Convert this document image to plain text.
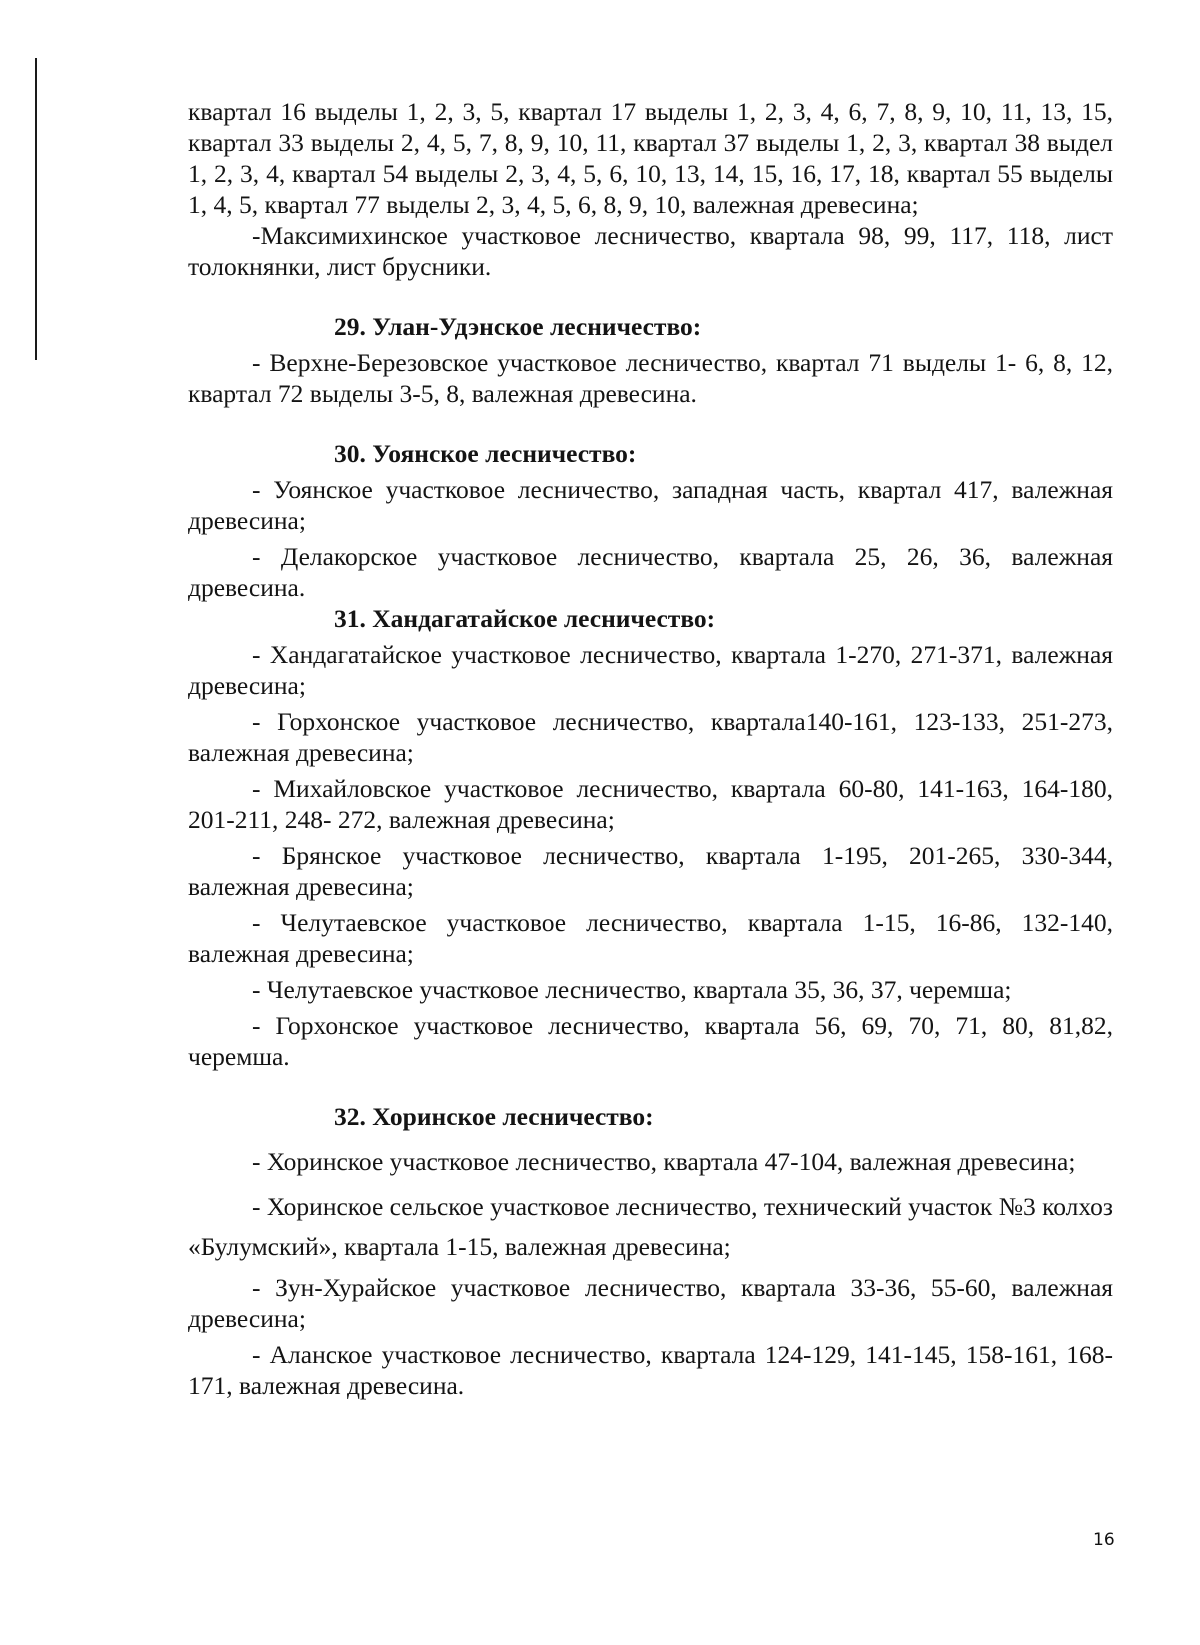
квартал 16 выделы 1, 2, 3, 5, квартал 17 выделы 1, 2, 3, 4, 6, 7, 8, 9, 10, 11, 13, 15, квартал 33 выделы 2, 4, 5, 7, 8, 9, 10, 11, квартал 37 выделы 1, 2, 3, квартал 38 выдел 1, 2, 3, 4, квартал 54 выделы 2, 3, 4, 5, 6, 10, 13, 14, 15, 16, 17, 18, квартал 55 выделы 1, 4, 5, квартал 77 выделы 2, 3, 4, 5, 6, 8, 9, 10, валежная древесина;

-Максимихинское участковое лесничество, квартала 98, 99, 117, 118, лист толокнянки, лист брусники.

29. Улан-Удэнское лесничество:

- Верхне-Березовское участковое лесничество, квартал 71 выделы 1- 6, 8, 12, квартал 72 выделы 3-5, 8, валежная древесина.

30. Уоянское лесничество:

- Уоянское участковое лесничество, западная часть, квартал 417, валежная древесина;

- Делакорское участковое лесничество, квартала 25, 26, 36, валежная древесина.

31. Хандагатайское лесничество:

- Хандагатайское участковое лесничество, квартала 1-270, 271-371, валежная древесина;

- Горхонское участковое лесничество, квартала140-161, 123-133, 251-273, валежная древесина;

- Михайловское участковое лесничество, квартала 60-80, 141-163, 164-180, 201-211, 248- 272, валежная древесина;

- Брянское участковое лесничество, квартала 1-195, 201-265, 330-344, валежная древесина;

- Челутаевское участковое лесничество, квартала 1-15, 16-86, 132-140, валежная древесина;

- Челутаевское участковое лесничество, квартала 35, 36, 37, черемша;

- Горхонское участковое лесничество, квартала 56, 69, 70, 71, 80, 81,82, черемша.

32. Хоринское лесничество:

- Хоринское участковое лесничество, квартала 47-104, валежная древесина;

- Хоринское сельское участковое лесничество, технический участок №3 колхоз «Булумский», квартала 1-15, валежная древесина;

- Зун-Хурайское участковое лесничество, квартала 33-36, 55-60, валежная древесина;

- Аланское участковое лесничество, квартала 124-129, 141-145, 158-161, 168-171, валежная древесина.

16
